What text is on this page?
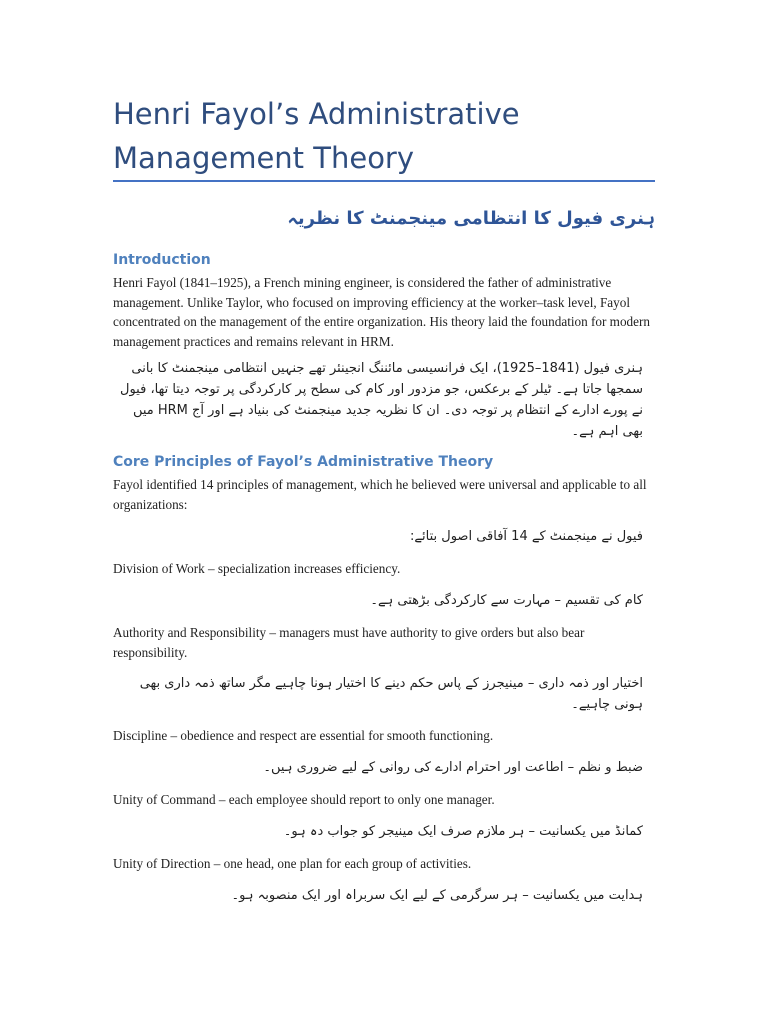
Henri Fayol’s Administrative Management Theory
ہنری فیول کا انتظامی مینجمنٹ کا نظریہ
Introduction

Henri Fayol (1841–1925), a French mining engineer, is considered the father of administrative management. Unlike Taylor, who focused on improving efficiency at the worker–task level, Fayol concentrated on the management of the entire organization. His theory laid the foundation for modern management practices and remains relevant in HRM.

ہنری فیول (1841–1925)، ایک فرانسیسی مائننگ انجینئر تھے جنہیں انتظامی مینجمنٹ کا بانی سمجھا جاتا ہے۔ ٹیلر کے برعکس، جو مزدور اور کام کی سطح پر کارکردگی پر توجہ دیتا تھا، فیول نے پورے ادارے کے انتظام پر توجہ دی۔ ان کا نظریہ جدید مینجمنٹ کی بنیاد ہے اور آج HRM میں بھی اہم ہے۔

Core Principles of Fayol’s Administrative Theory

Fayol identified 14 principles of management, which he believed were universal and applicable to all organizations:

فیول نے مینجمنٹ کے 14 آفاقی اصول بتائے:

Division of Work – specialization increases efficiency.

کام کی تقسیم – مہارت سے کارکردگی بڑھتی ہے۔

Authority and Responsibility – managers must have authority to give orders but also bear responsibility.

اختیار اور ذمہ داری – مینیجرز کے پاس حکم دینے کا اختیار ہونا چاہیے مگر ساتھ ذمہ داری بھی ہونی چاہیے۔

Discipline – obedience and respect are essential for smooth functioning.

ضبط و نظم – اطاعت اور احترام ادارے کی روانی کے لیے ضروری ہیں۔

Unity of Command – each employee should report to only one manager.

کمانڈ میں یکسانیت – ہر ملازم صرف ایک مینیجر کو جواب دہ ہو۔

Unity of Direction – one head, one plan for each group of activities.

ہدایت میں یکسانیت – ہر سرگرمی کے لیے ایک سربراہ اور ایک منصوبہ ہو۔
